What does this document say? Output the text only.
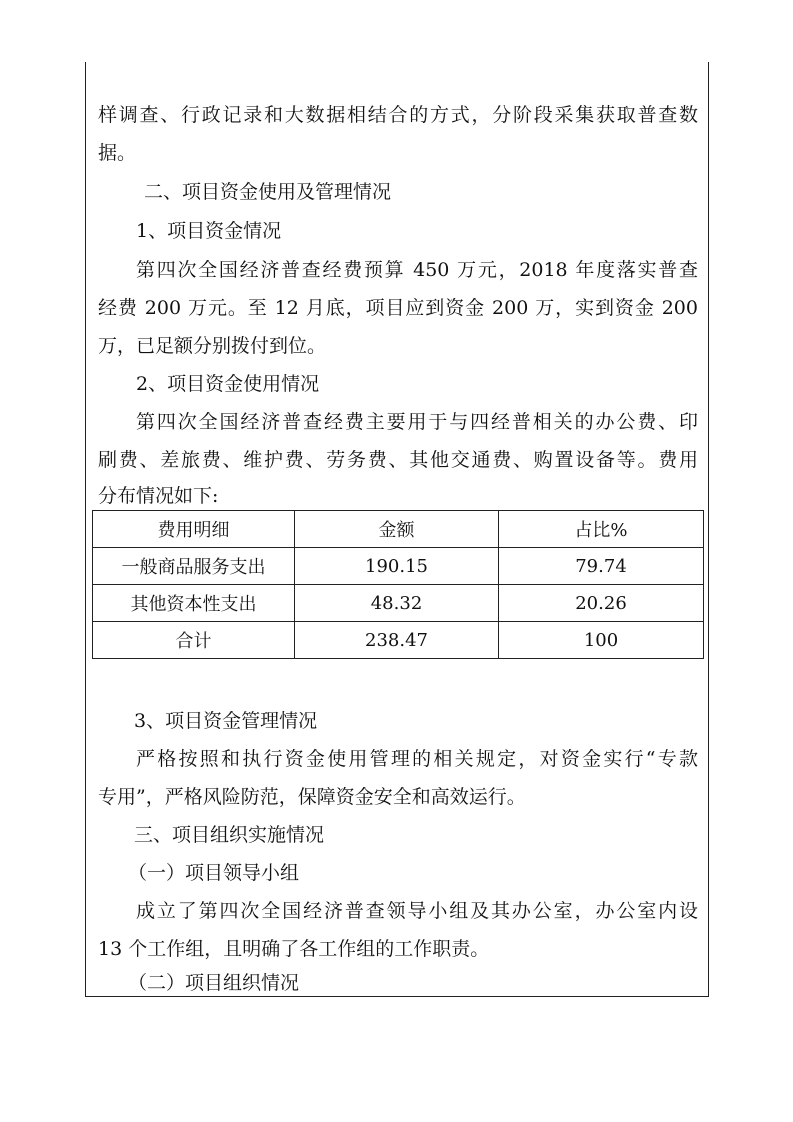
样调查、行政记录和大数据相结合的方式，分阶段采集获取普查数
据。
二、项目资金使用及管理情况
1、项目资金情况
第四次全国经济普查经费预算 450 万元，2018 年度落实普查
经费 200 万元。至 12 月底，项目应到资金 200 万，实到资金 200
万，已足额分别拨付到位。
2、项目资金使用情况
第四次全国经济普查经费主要用于与四经普相关的办公费、印
刷费、差旅费、维护费、劳务费、其他交通费、购置设备等。费用
分布情况如下:
费用明细	金额	占比%
一般商品服务支出	190.15	79.74
其他资本性支出	48.32	20.26
合计	238.47	100
3、项目资金管理情况
严格按照和执行资金使用管理的相关规定，对资金实行“专款
专用”，严格风险防范，保障资金安全和高效运行。
三、项目组织实施情况
（一）项目领导小组
成立了第四次全国经济普查领导小组及其办公室，办公室内设
13 个工作组，且明确了各工作组的工作职责。
（二）项目组织情况
